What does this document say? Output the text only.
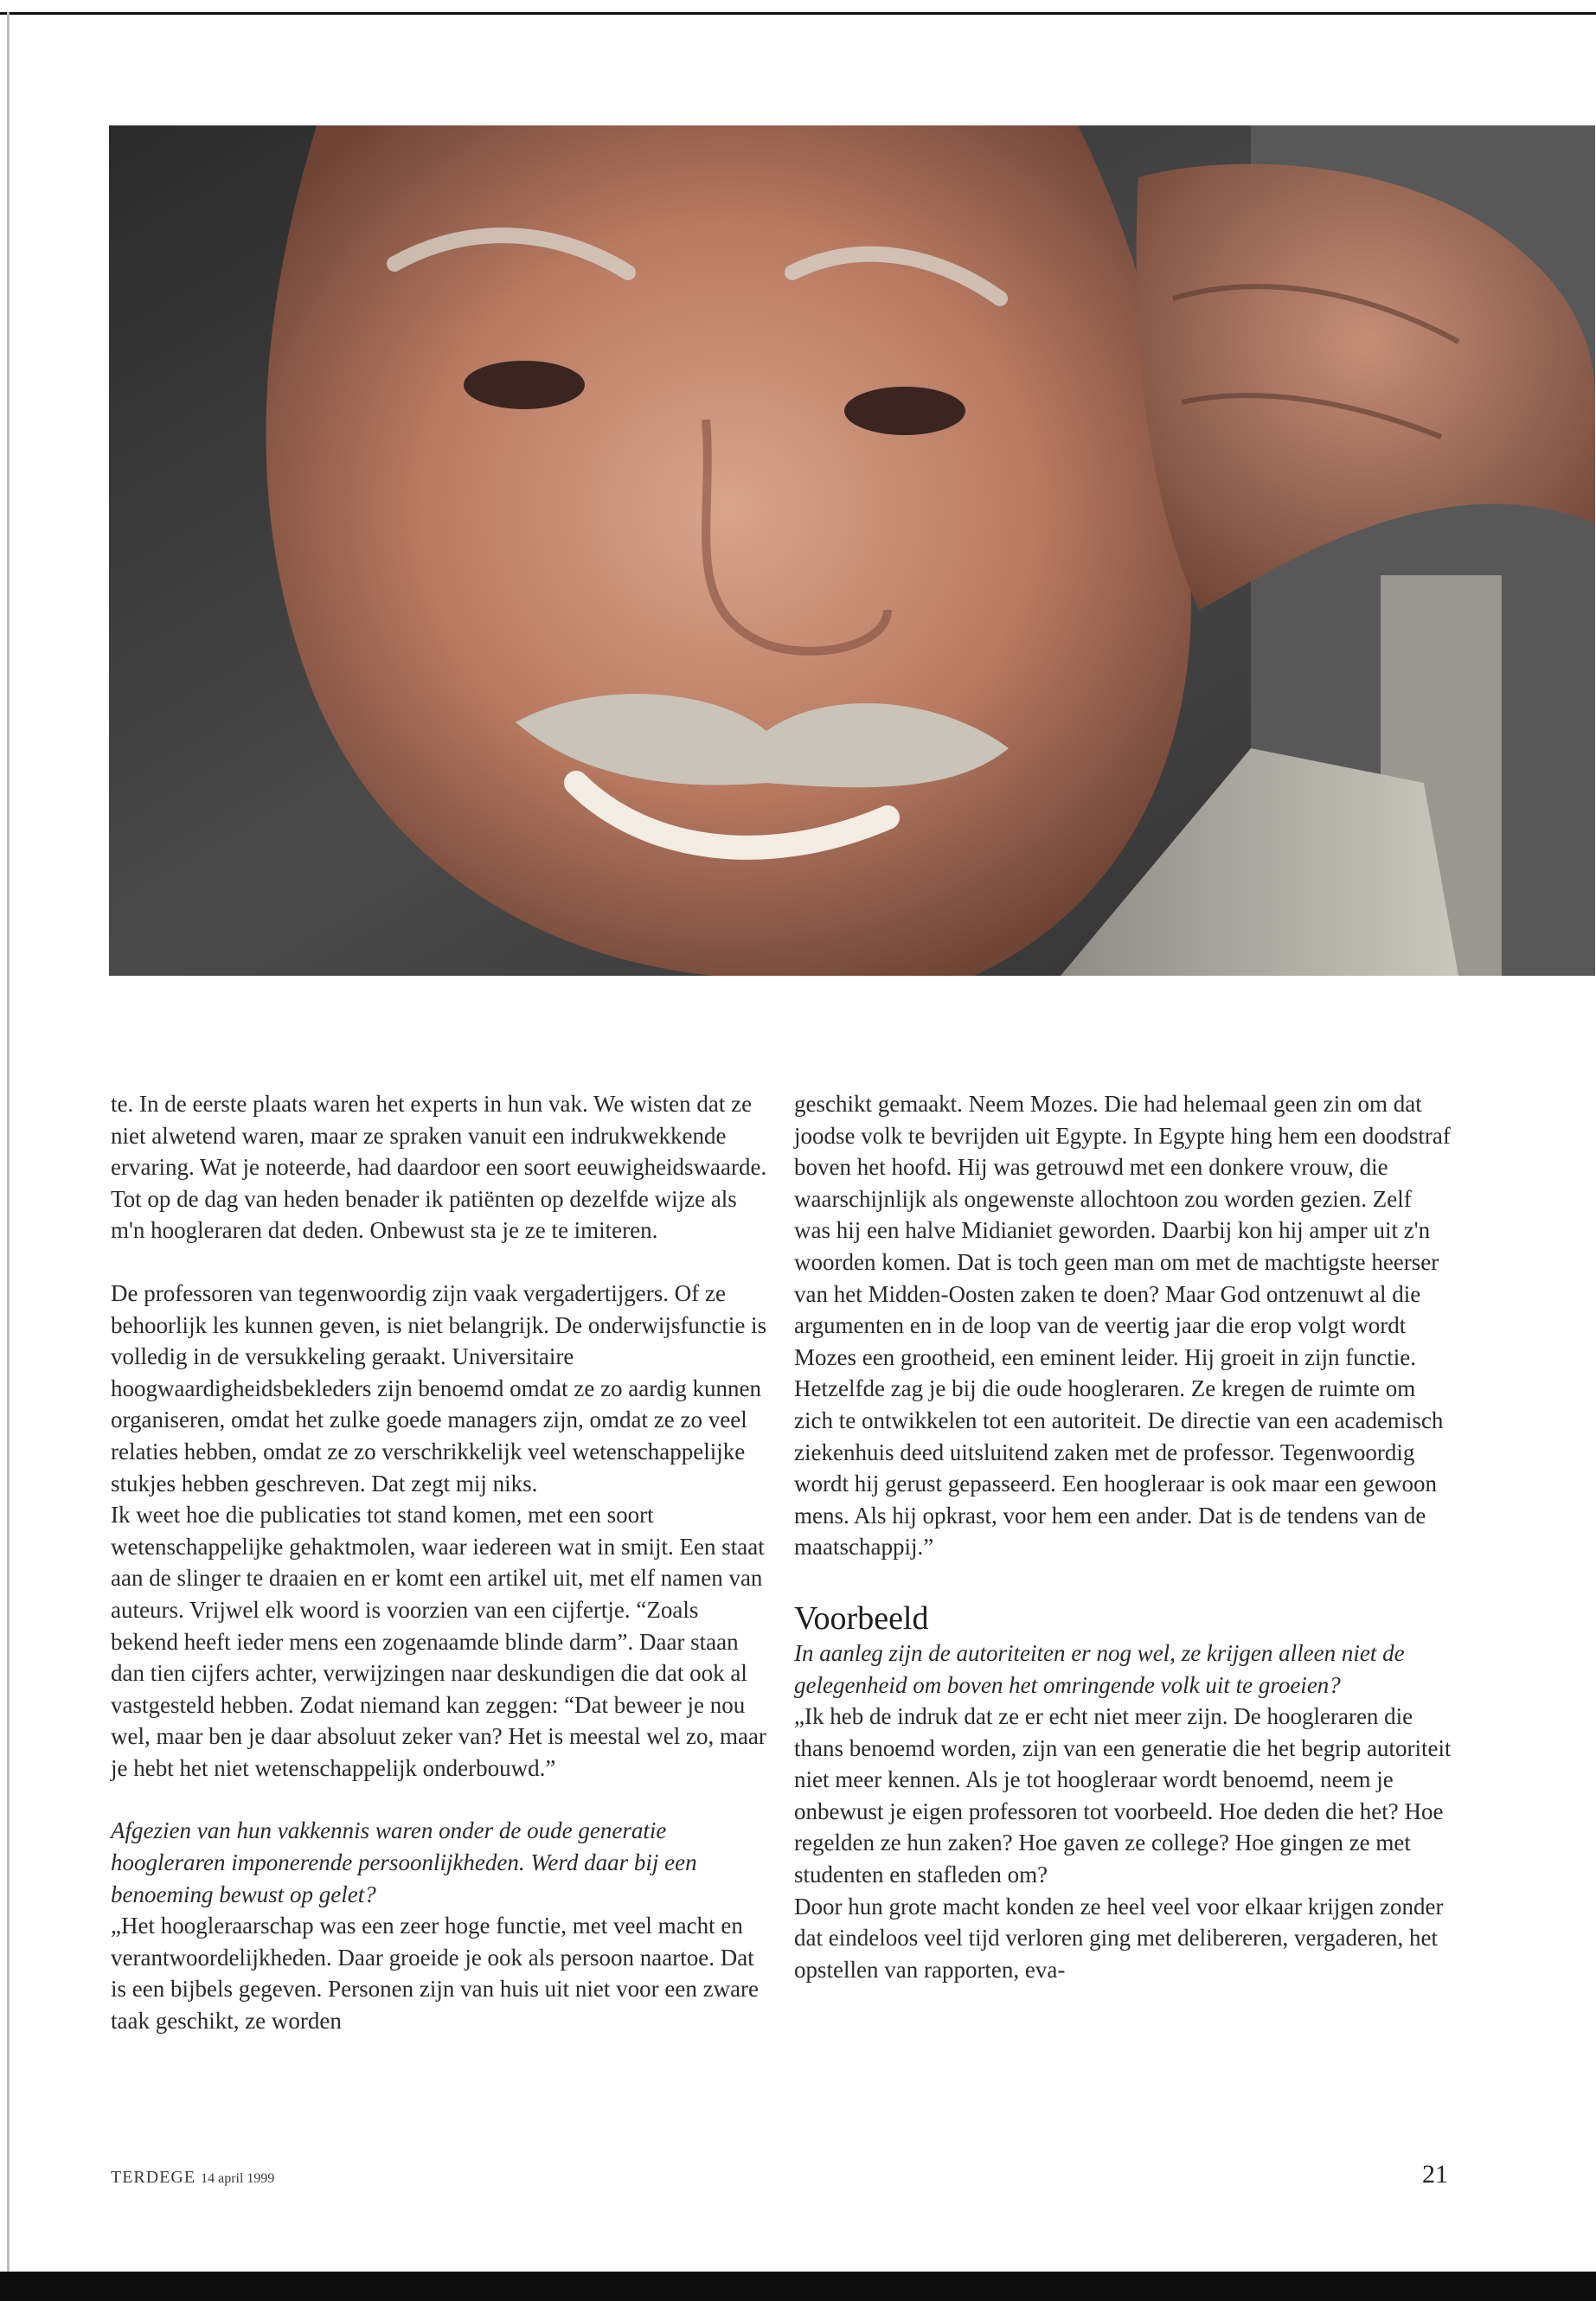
te. In de eerste plaats waren het experts in hun vak. We wisten dat ze niet alwetend waren, maar ze spraken vanuit een indrukwekkende ervaring. Wat je noteerde, had daardoor een soort eeuwigheidswaarde. Tot op de dag van heden benader ik patiënten op dezelfde wijze als m'n hoogleraren dat deden. Onbewust sta je ze te imiteren.

De professoren van tegenwoordig zijn vaak vergadertijgers. Of ze behoorlijk les kunnen geven, is niet belangrijk. De onderwijsfunctie is volledig in de versukkeling geraakt. Universitaire hoogwaardigheidsbekleders zijn benoemd omdat ze zo aardig kunnen organiseren, omdat het zulke goede managers zijn, omdat ze zo veel relaties hebben, omdat ze zo verschrikkelijk veel wetenschappelijke stukjes hebben geschreven. Dat zegt mij niks.

Ik weet hoe die publicaties tot stand komen, met een soort wetenschappelijke gehaktmolen, waar iedereen wat in smijt. Een staat aan de slinger te draaien en er komt een artikel uit, met elf namen van auteurs. Vrijwel elk woord is voorzien van een cijfertje. “Zoals bekend heeft ieder mens een zogenaamde blinde darm”. Daar staan dan tien cijfers achter, verwijzingen naar deskundigen die dat ook al vastgesteld hebben. Zodat niemand kan zeggen: “Dat beweer je nou wel, maar ben je daar absoluut zeker van? Het is meestal wel zo, maar je hebt het niet wetenschappelijk onderbouwd.”

Afgezien van hun vakkennis waren onder de oude generatie hoogleraren imponerende persoonlijkheden. Werd daar bij een benoeming bewust op gelet?

„Het hoogleraarschap was een zeer hoge functie, met veel macht en verantwoordelijkheden. Daar groeide je ook als persoon naartoe. Dat is een bijbels gegeven. Personen zijn van huis uit niet voor een zware taak geschikt, ze worden

geschikt gemaakt. Neem Mozes. Die had helemaal geen zin om dat joodse volk te bevrijden uit Egypte. In Egypte hing hem een doodstraf boven het hoofd. Hij was getrouwd met een donkere vrouw, die waarschijnlijk als ongewenste allochtoon zou worden gezien. Zelf was hij een halve Midianiet geworden. Daarbij kon hij amper uit z'n woorden komen. Dat is toch geen man om met de machtigste heerser van het Midden-Oosten zaken te doen? Maar God ontzenuwt al die argumenten en in de loop van de veertig jaar die erop volgt wordt Mozes een grootheid, een eminent leider. Hij groeit in zijn functie.

Hetzelfde zag je bij die oude hoogleraren. Ze kregen de ruimte om zich te ontwikkelen tot een autoriteit. De directie van een academisch ziekenhuis deed uitsluitend zaken met de professor. Tegenwoordig wordt hij gerust gepasseerd. Een hoogleraar is ook maar een gewoon mens. Als hij opkrast, voor hem een ander. Dat is de tendens van de maatschappij.”

Voorbeeld

In aanleg zijn de autoriteiten er nog wel, ze krijgen alleen niet de gelegenheid om boven het omringende volk uit te groeien?

„Ik heb de indruk dat ze er echt niet meer zijn. De hoogleraren die thans benoemd worden, zijn van een generatie die het begrip autoriteit niet meer kennen. Als je tot hoogleraar wordt benoemd, neem je onbewust je eigen professoren tot voorbeeld. Hoe deden die het? Hoe regelden ze hun zaken? Hoe gaven ze college? Hoe gingen ze met studenten en stafleden om?

Door hun grote macht konden ze heel veel voor elkaar krijgen zonder dat eindeloos veel tijd verloren ging met delibereren, vergaderen, het opstellen van rapporten, eva-

TERDEGE 14 april 1999	21
